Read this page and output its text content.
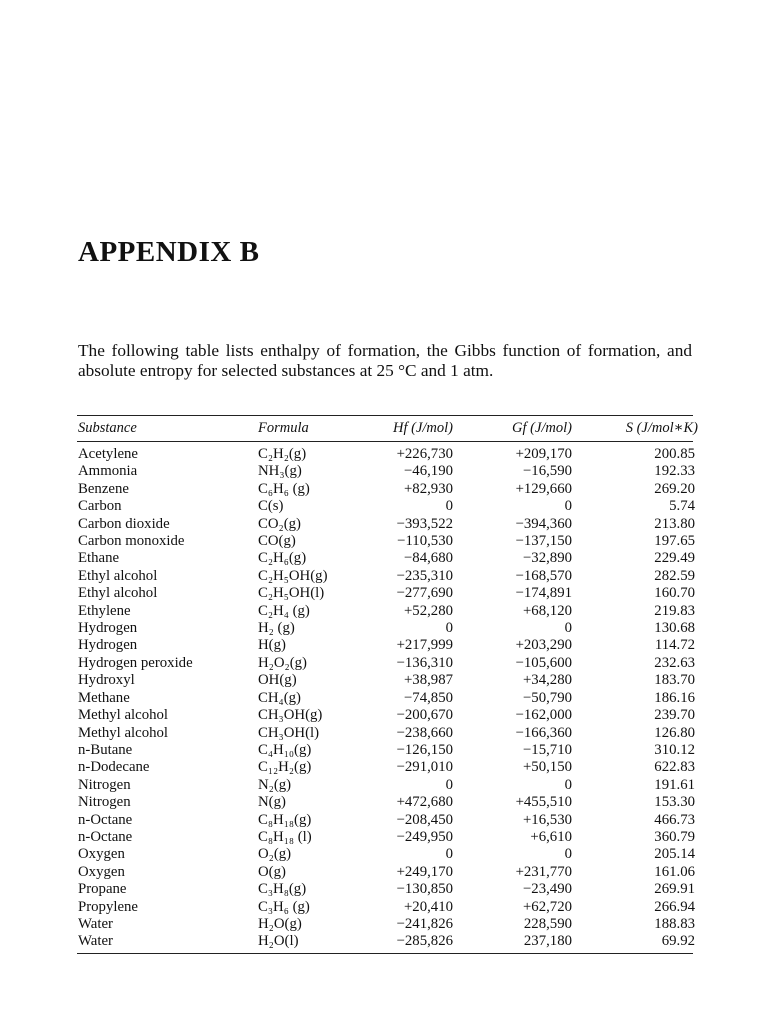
APPENDIX B

The following table lists enthalpy of formation, the Gibbs function of formation, and absolute entropy for selected substances at 25 °C and 1 atm.

Substance	Formula	Hf (J/mol)	Gf (J/mol)	S (J/mol∗K)
Acetylene	C₂H₂(g)	+226,730	+209,170	200.85
Ammonia	NH₃(g)	−46,190	−16,590	192.33
Benzene	C₆H₆ (g)	+82,930	+129,660	269.20
Carbon	C(s)	0	0	5.74
Carbon dioxide	CO₂(g)	−393,522	−394,360	213.80
Carbon monoxide	CO(g)	−110,530	−137,150	197.65
Ethane	C₂H₆(g)	−84,680	−32,890	229.49
Ethyl alcohol	C₂H₅OH(g)	−235,310	−168,570	282.59
Ethyl alcohol	C₂H₅OH(l)	−277,690	−174,891	160.70
Ethylene	C₂H₄ (g)	+52,280	+68,120	219.83
Hydrogen	H₂ (g)	0	0	130.68
Hydrogen	H(g)	+217,999	+203,290	114.72
Hydrogen peroxide	H₂O₂(g)	−136,310	−105,600	232.63
Hydroxyl	OH(g)	+38,987	+34,280	183.70
Methane	CH₄(g)	−74,850	−50,790	186.16
Methyl alcohol	CH₃OH(g)	−200,670	−162,000	239.70
Methyl alcohol	CH₃OH(l)	−238,660	−166,360	126.80
n-Butane	C₄H₁₀(g)	−126,150	−15,710	310.12
n-Dodecane	C₁₂H₂(g)	−291,010	+50,150	622.83
Nitrogen	N₂(g)	0	0	191.61
Nitrogen	N(g)	+472,680	+455,510	153.30
n-Octane	C₈H₁₈(g)	−208,450	+16,530	466.73
n-Octane	C₈H₁₈ (l)	−249,950	+6,610	360.79
Oxygen	O₂(g)	0	0	205.14
Oxygen	O(g)	+249,170	+231,770	161.06
Propane	C₃H₈(g)	−130,850	−23,490	269.91
Propylene	C₃H₆ (g)	+20,410	+62,720	266.94
Water	H₂O(g)	−241,826	228,590	188.83
Water	H₂O(l)	−285,826	237,180	69.92
